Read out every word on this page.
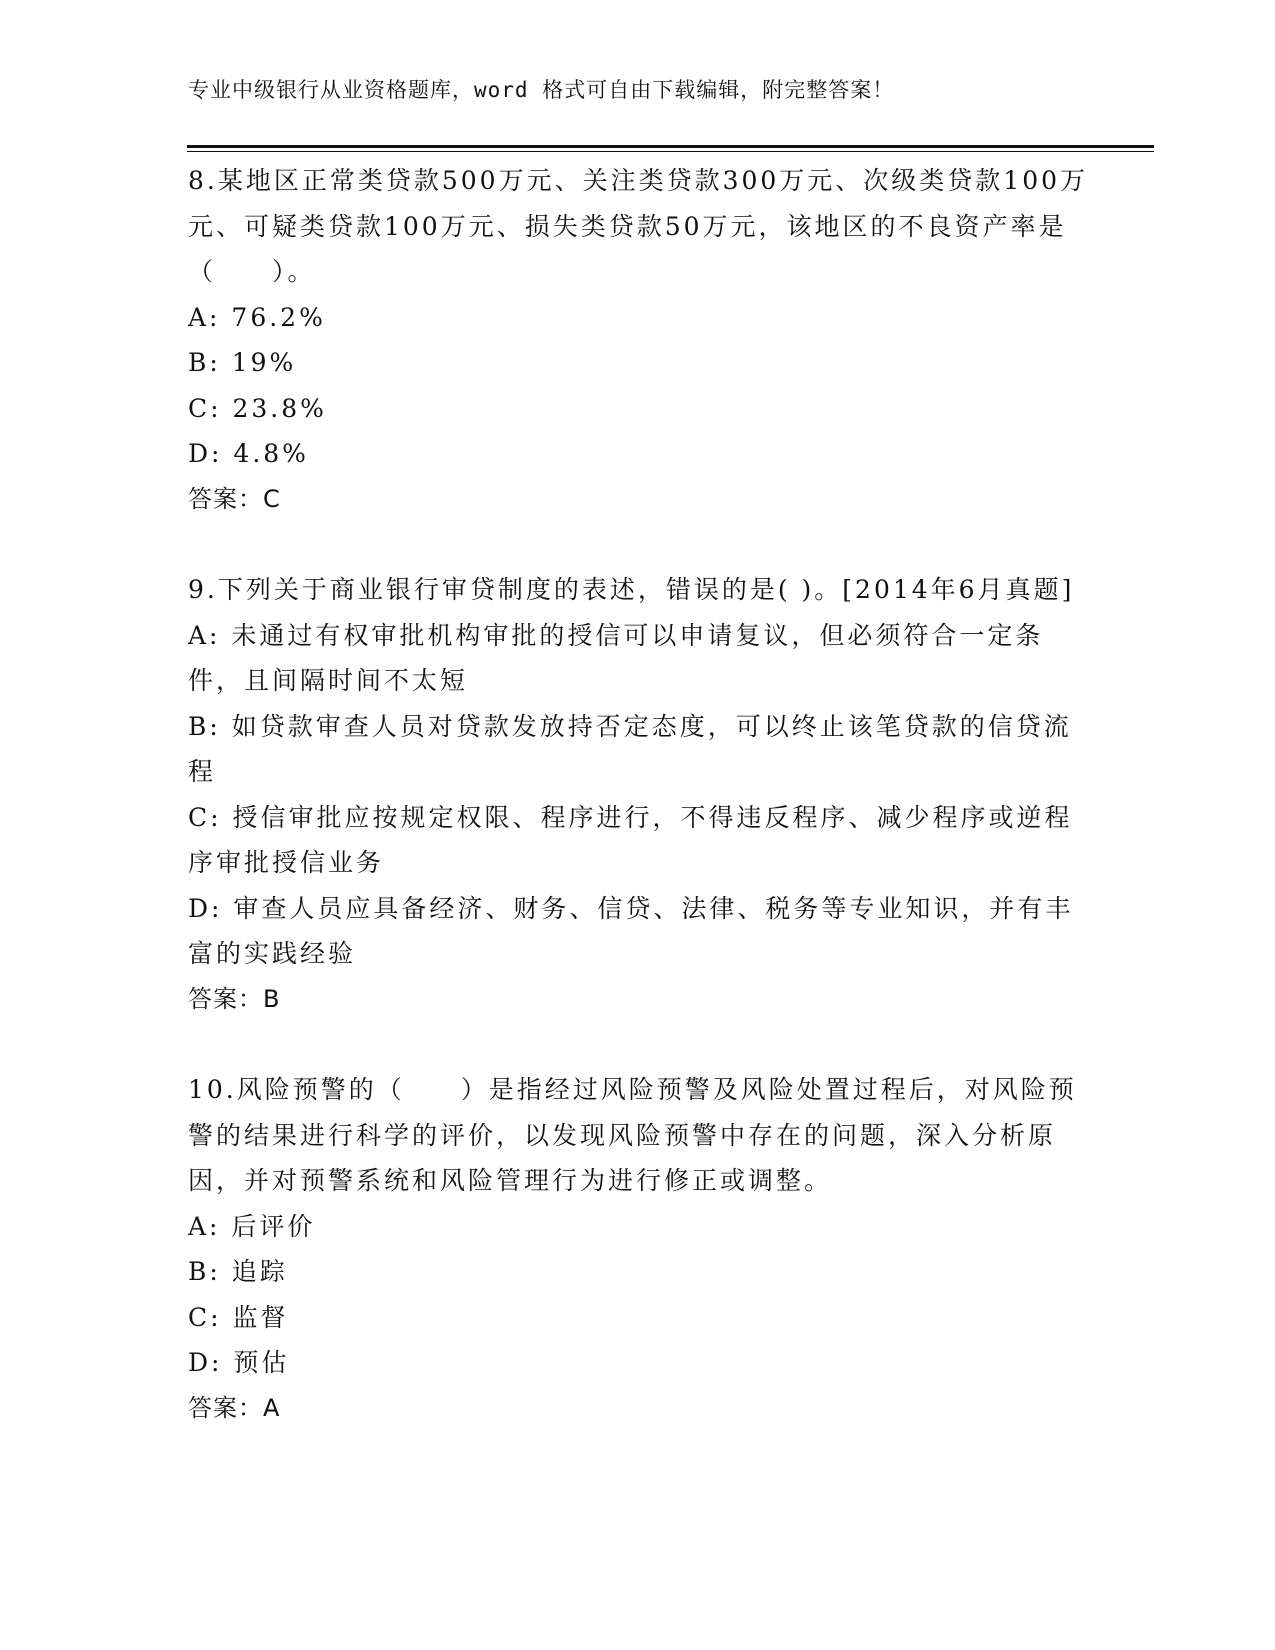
专业中级银行从业资格题库，word 格式可自由下载编辑，附完整答案！

8.某地区正常类贷款500万元、关注类贷款300万元、次级类贷款100万元、可疑类贷款100万元、损失类贷款50万元，该地区的不良资产率是（　　）。

A: 76.2%

B: 19%

C: 23.8%

D: 4.8%

答案：C

9.下列关于商业银行审贷制度的表述，错误的是( )。[2014年6月真题]

A: 未通过有权审批机构审批的授信可以申请复议，但必须符合一定条件，且间隔时间不太短

B: 如贷款审查人员对贷款发放持否定态度，可以终止该笔贷款的信贷流程

C: 授信审批应按规定权限、程序进行，不得违反程序、减少程序或逆程序审批授信业务

D: 审查人员应具备经济、财务、信贷、法律、税务等专业知识，并有丰富的实践经验

答案：B

10.风险预警的（　　）是指经过风险预警及风险处置过程后，对风险预警的结果进行科学的评价，以发现风险预警中存在的问题，深入分析原因，并对预警系统和风险管理行为进行修正或调整。

A: 后评价

B: 追踪

C: 监督

D: 预估

答案：A
